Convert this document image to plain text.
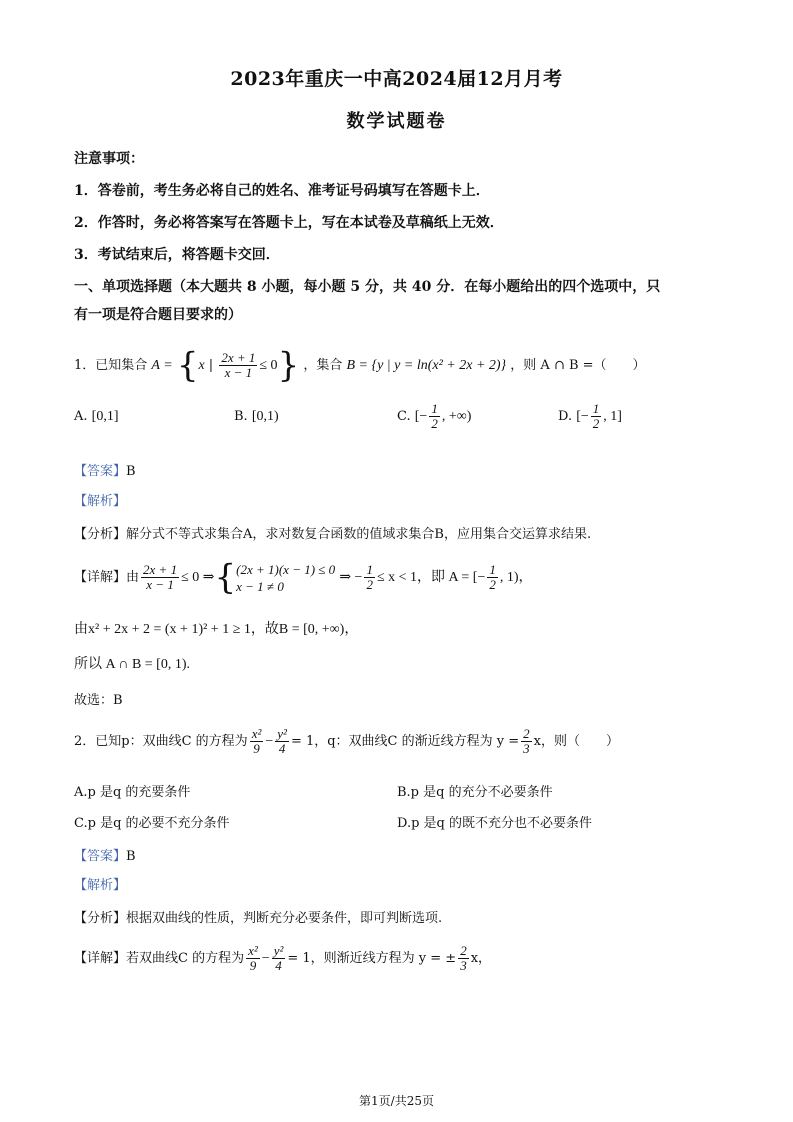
2023年重庆一中高2024届12月月考
数学试题卷
注意事项：
1．答卷前，考生务必将自己的姓名、准考证号码填写在答题卡上．
2．作答时，务必将答案写在答题卡上，写在本试卷及草稿纸上无效．
3．考试结束后，将答题卡交回．
一、单项选择题（本大题共 8 小题，每小题 5 分，共 40 分．在每小题给出的四个选项中，只
有一项是符合题目要求的）
1．已知集合 A = {x | $\frac{2x + 1}{x - 1} \le 0$} ，集合 B = {y | y = ln(x² + 2x + 2)} ，则 A ∩ B =（　　）
A. [0,1]	B. [0,1)	C. [− $\frac{1}{2}$ , +∞)	D. [− $\frac{1}{2}$ , 1]
【答案】B
【解析】
【分析】解分式不等式求集合A，求对数复合函数的值域求集合B，应用集合交运算求结果.
【详解】由 $\frac{2x + 1}{x - 1} \le 0$ ⇒{ (2x + 1)(x − 1) ≤ 0
x − 1 ≠ 0
⇒ − $\frac{1}{2} \le x < 1$，即 A = [− $\frac{1}{2}$ , 1)，
由x² + 2x + 2 = (x + 1)² + 1 ≥ 1，故B = [0, +∞)，
所以 A ∩ B = [0, 1).
故选：B
2．已知p：双曲线C 的方程为 $\frac{\text{x²}}{9} - \frac{\text{y²}}{4} = 1$，q：双曲线C 的渐近线方程为 $y = \frac{2}{3}$ x，则（　　）
A.p 是q 的充要条件	B.p 是q 的充分不必要条件
C.p 是q 的必要不充分条件	D.p 是q 的既不充分也不必要条件
【答案】B
【解析】
【分析】根据双曲线的性质，判断充分必要条件，即可判断选项.
【详解】若双曲线C 的方程为 $\frac{\text{x²}}{9} - \frac{\text{y²}}{4} = 1$，则渐近线方程为 y = ± $\frac{2}{3}$ x，
第1页/共25页
